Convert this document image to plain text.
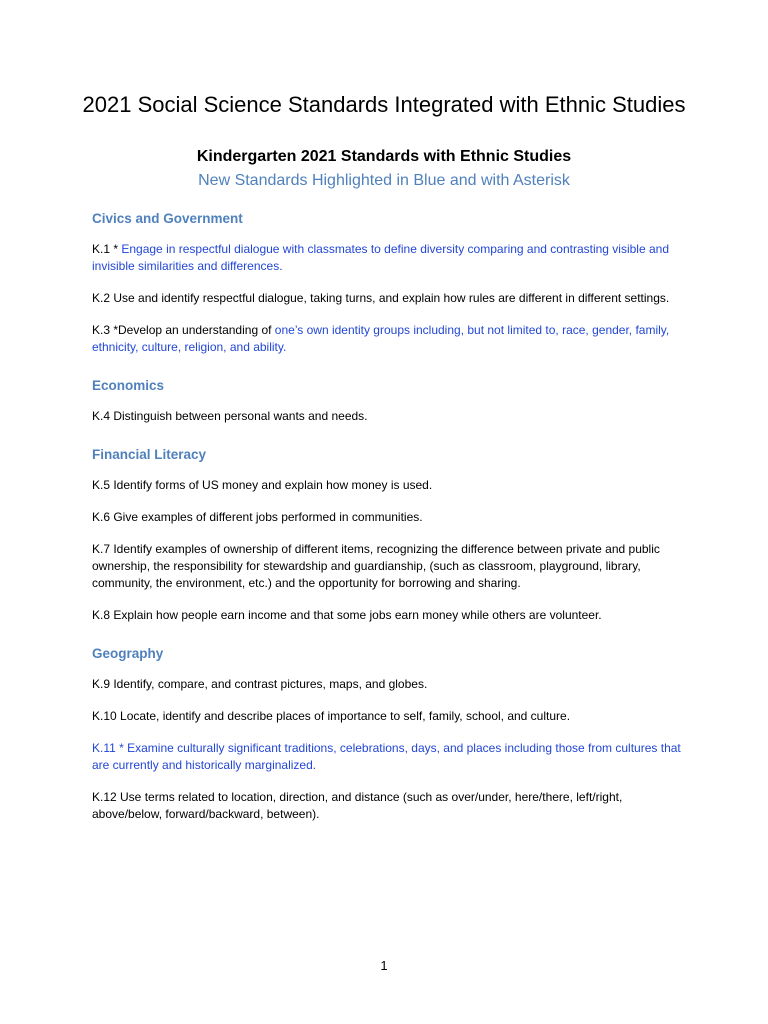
2021 Social Science Standards Integrated with Ethnic Studies
Kindergarten 2021 Standards with Ethnic Studies
New Standards Highlighted in Blue and with Asterisk
Civics and Government

K.1 * Engage in respectful dialogue with classmates to define diversity comparing and contrasting visible and invisible similarities and differences.

K.2 Use and identify respectful dialogue, taking turns, and explain how rules are different in different settings.

K.3 *Develop an understanding of one’s own identity groups including, but not limited to, race, gender, family, ethnicity, culture, religion, and ability.

Economics

K.4 Distinguish between personal wants and needs.

Financial Literacy

K.5 Identify forms of US money and explain how money is used.

K.6 Give examples of different jobs performed in communities.

K.7 Identify examples of ownership of different items, recognizing the difference between private and public ownership, the responsibility for stewardship and guardianship, (such as classroom, playground, library, community, the environment, etc.) and the opportunity for borrowing and sharing.

K.8 Explain how people earn income and that some jobs earn money while others are volunteer.

Geography

K.9 Identify, compare, and contrast pictures, maps, and globes.

K.10 Locate, identify and describe places of importance to self, family, school, and culture.

K.11 * Examine culturally significant traditions, celebrations, days, and places including those from cultures that are currently and historically marginalized.

K.12 Use terms related to location, direction, and distance (such as over/under, here/there, left/right, above/below, forward/backward, between).

1
